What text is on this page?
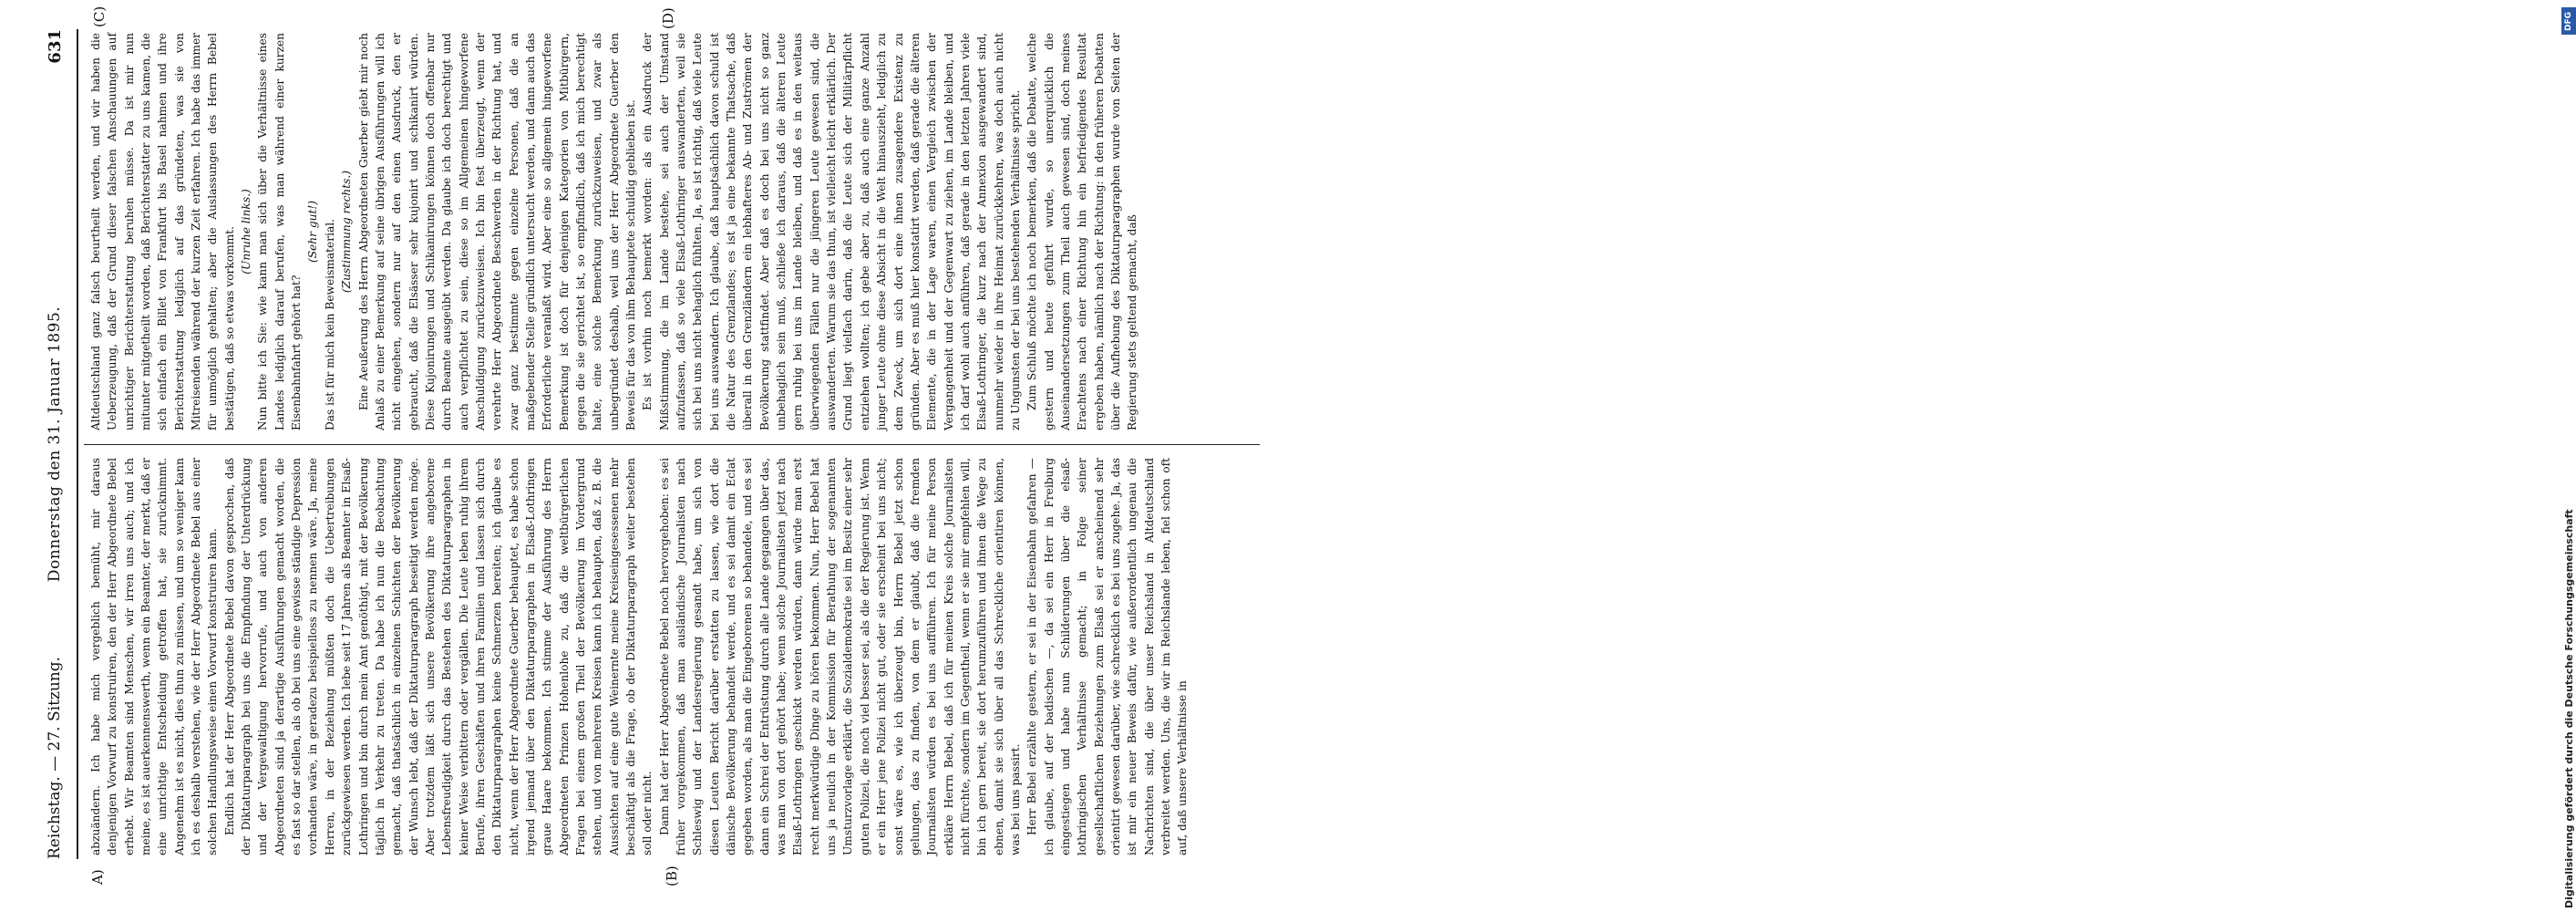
A)	(B)
(C)	(D)
Reichstag. — 27. Sitzung.
Donnerstag den 31. Januar 1895.
631

abzuändern. Ich habe mich vergeblich bemüht, mir daraus denjenigen Vorwurf zu konstruiren, den der Herr Abgeordnete Bebel erhebt. Wir Beamten sind Menschen, wir irren uns auch; und ich meine, es ist auerkennenswerth, wenn ein Beamter, der merkt, daß er eine unrichtige Entscheidung getroffen hat, sie zurücknimmt. Angenehm ist es nicht, dies thun zu müssen, und um so weniger kann ich es deshalb verstehen, wie der Herr Abgeordnete Bebel aus einer solchen Handlungsweise einen Vorwurf konstruiren kann. Endlich hat der Herr Abgeordnete Bebel davon gesprochen, daß der Diktaturparagraph bei uns die Empfindung der Unterdrückung und der Vergewaltigung hervorrufe, und auch von anderen Abgeordneten sind ja derartige Ausführungen gemacht worden, die es fast so dar stellen, als ob bei uns eine gewisse ständige Depression vorhanden wäre, in geradezu beispielloss zu nennen wäre. Ja, meine Herren, in der Beziehung müßten doch die Uebertreibungen zurückgewiesen werden. Ich lebe seit 17 Jahren als Beamter in Elsaß-Lothringen und bin durch mein Amt genöthigt, mit der Bevölkerung täglich in Verkehr zu treten. Da habe ich nun die Beobachtung gemacht, daß thatsächlich in einzelnen Schichten der Bevölkerung der Wunsch lebt, daß der Diktaturparagraph beseitigt werden möge. Aber trotzdem läßt sich unsere Bevölkerung ihre angeborene Lebensfreudigkeit durch das Bestehen des Diktaturparagraphen in keiner Weise verbittern oder vergällen. Die Leute leben ruhig ihrem Berufe, ihren Geschäften und ihren Familien und lassen sich durch den Diktaturparagraphen keine Schmerzen bereiten; ich glaube es nicht, wenn der Herr Abgeordnete Guerber behauptet, es habe schon irgend jemand über den Diktaturparagraphen in Elsaß-Lothringen graue Haare bekommen. Ich stimme der Ausführung des Herrn Abgeordneten Prinzen Hohenlohe zu, daß die weltbürgerlichen Fragen bei einem großen Theil der Bevölkerung im Vordergrund stehen, und von mehreren Kreisen kann ich behaupten, daß z. B. die Aussichten auf eine gute Weinernte meine Kreiseingesessenen mehr beschäftigt als die Frage, ob der Diktaturparagraph weiter bestehen soll oder nicht. Dann hat der Herr Abgeordnete Bebel noch hervorgehoben: es sei früher vorgekommen, daß man ausländische Journalisten nach Schleswig und der Landesregierung gesandt habe, um sich von diesen Leuten Bericht darüber erstatten zu lassen, wie dort die dänische Bevölkerung behandelt werde, und es sei damit ein Eclat gegeben worden, als man die Eingeborenen so behandele, und es sei dann ein Schrei der Entrüstung durch alle Lande gegangen über das, was man von dort gehört habe; wenn solche Journalisten jetzt nach Elsaß-Lothringen geschickt werden würden, dann würde man erst recht merkwürdige Dinge zu hören bekommen. Nun, Herr Bebel hat uns ja neulich in der Kommission für Berathung der sogenannten Umsturzvorlage erklärt, die Sozialdemokratie sei im Besitz einer sehr guten Polizei, die noch viel besser sei, als die der Regierung ist. Wenn er ein Herr jene Polizei nicht gut, oder sie erscheint bei uns nicht; sonst wäre es, wie ich überzeugt bin, Herrn Bebel jetzt schon gelungen, das zu finden, von dem er glaubt, daß die fremden Journalisten würden es bei uns aufführen. Ich für meine Person erkläre Herrn Bebel, daß ich für meinen Kreis solche Journalisten nicht fürchte, sondern im Gegentheil, wenn er sie mir empfehlen will, bin ich gern bereit, sie dort herumzuführen und ihnen die Wege zu ebnen, damit sie sich über all das Schreckliche orientiren können, was bei uns passirt. Herr Bebel erzählte gestern, er sei in der Eisenbahn gefahren — ich glaube, auf der badischen —, da sei ein Herr in Freiburg eingestiegen und habe nun Schilderungen über die elsaß-lothringischen Verhältnisse gemacht; in Folge seiner gesellschaftlichen Beziehungen zum Elsaß sei er anscheinend sehr orientirt gewesen darüber, wie schrecklich es bei uns zugehe. Ja, das ist mir ein neuer Beweis dafür, wie außerordentlich ungenau die Nachrichten sind, die über unser Reichsland in Altdeutschland verbreitet werden. Uns, die wir im Reichslande leben, fiel schon oft auf, daß unsere Verhältnisse in

Altdeutschland ganz falsch beurtheilt werden, und wir haben die Ueberzeugung, daß der Grund dieser falschen Anschauungen auf unrichtiger Berichterstattung beruhen müsse. Da ist mir nun mitunter mitgetheilt worden, daß Berichterstatter zu uns kamen, die sich einfach ein Billet von Frankfurt bis Basel nahmen und ihre Berichterstattung lediglich auf das gründeten, was sie von Mitreisenden während der kurzen Zeit erfahren. Ich habe das immer für unmöglich gehalten; aber die Auslassungen des Herrn Bebel bestätigen, daß so etwas vorkommt. (Unruhe links.) Nun bitte ich Sie: wie kann man sich über die Verhältnisse eines Landes lediglich darauf berufen, was man während einer kurzen Eisenbahnfahrt gehört hat?

(Sehr gut!) Das ist für mich kein Beweismaterial. (Zustimmung rechts.) Eine Aeußerung des Herrn Abgeordneten Guerber giebt mir noch Anlaß zu einer Bemerkung auf seine übrigen Ausführungen will ich nicht eingehen, sondern nur auf den einen Ausdruck, den er gebraucht, daß die Elsässer sehr kujonirt und schikanirt würden. Diese Kujonirungen und Schikanirungen können doch offenbar nur durch Beamte ausgeübt werden. Da glaube ich doch berechtigt und auch verpflichtet zu sein, diese so im Allgemeinen hingeworfene Anschuldigung zurückzuweisen. Ich bin fest überzeugt, wenn der verehrte Herr Abgeordnete Beschwerden in der Richtung hat, und zwar ganz bestimmte gegen einzelne Personen, daß die an maßgebender Stelle gründlich untersucht werden, und dann auch das Erforderliche veranlaßt wird. Aber eine so allgemein hingeworfene Bemerkung ist doch für denjenigen Kategorien von Mitbürgern, gegen die sie gerichtet ist, so empfindlich, daß ich mich berechtigt halte, eine solche Bemerkung zurückzuweisen, und zwar als unbegründet deshalb, weil uns der Herr Abgeordnete Guerber den Beweis für das von ihm Behauptete schuldig geblieben ist. Es ist vorhin noch bemerkt worden: als ein Ausdruck der Mißstimmung, die im Lande bestehe, sei auch der Umstand aufzufassen, daß so viele Elsaß-Lothringer auswanderten, weil sie sich bei uns nicht behaglich fühlten. Ja, es ist richtig, daß viele Leute bei uns auswandern. Ich glaube, daß hauptsächlich davon schuld ist die Natur des Grenzlandes; es ist ja eine bekannte Thatsache, daß überall in den Grenzländern ein lebhafteres Ab- und Zuströmen der Bevölkerung stattfindet. Aber daß es doch bei uns nicht so ganz unbehaglich sein muß, schließe ich daraus, daß die älteren Leute gern ruhig bei uns im Lande bleiben, und daß es in den weitaus überwiegenden Fällen nur die jüngeren Leute gewesen sind, die auswanderten. Warum sie das thun, ist vielleicht leicht erklärlich. Der Grund liegt vielfach darin, daß die Leute sich der Militärpflicht entziehen wollten; ich gebe aber zu, daß auch eine ganze Anzahl junger Leute ohne diese Absicht in die Welt hinauszieht, lediglich zu dem Zweck, um sich dort eine ihnen zusagendere Existenz zu gründen. Aber es muß hier konstatirt werden, daß gerade die älteren Elemente, die in der Lage waren, einen Vergleich zwischen der Vergangenheit und der Gegenwart zu ziehen, im Lande bleiben, und ich darf wohl auch anführen, daß gerade in den letzten Jahren viele Elsaß-Lothringer, die kurz nach der Annexion ausgewandert sind, nunmehr wieder in ihre Heimat zurückkehren, was doch auch nicht zu Ungunsten der bei uns bestehenden Verhältnisse spricht. Zum Schluß möchte ich noch bemerken, daß die Debatte, welche gestern und heute geführt wurde, so unerquicklich die Auseinandersetzungen zum Theil auch gewesen sind, doch meines Erachtens nach einer Richtung hin ein befriedigendes Resultat ergeben haben, nämlich nach der Richtung: in den früheren Debatten über die Aufhebung des Diktaturparagraphen wurde von Seiten der Regierung stets geltend gemacht, daß

DFG
Digitalisierung gefördert durch die Deutsche Forschungsgemeinschaft
